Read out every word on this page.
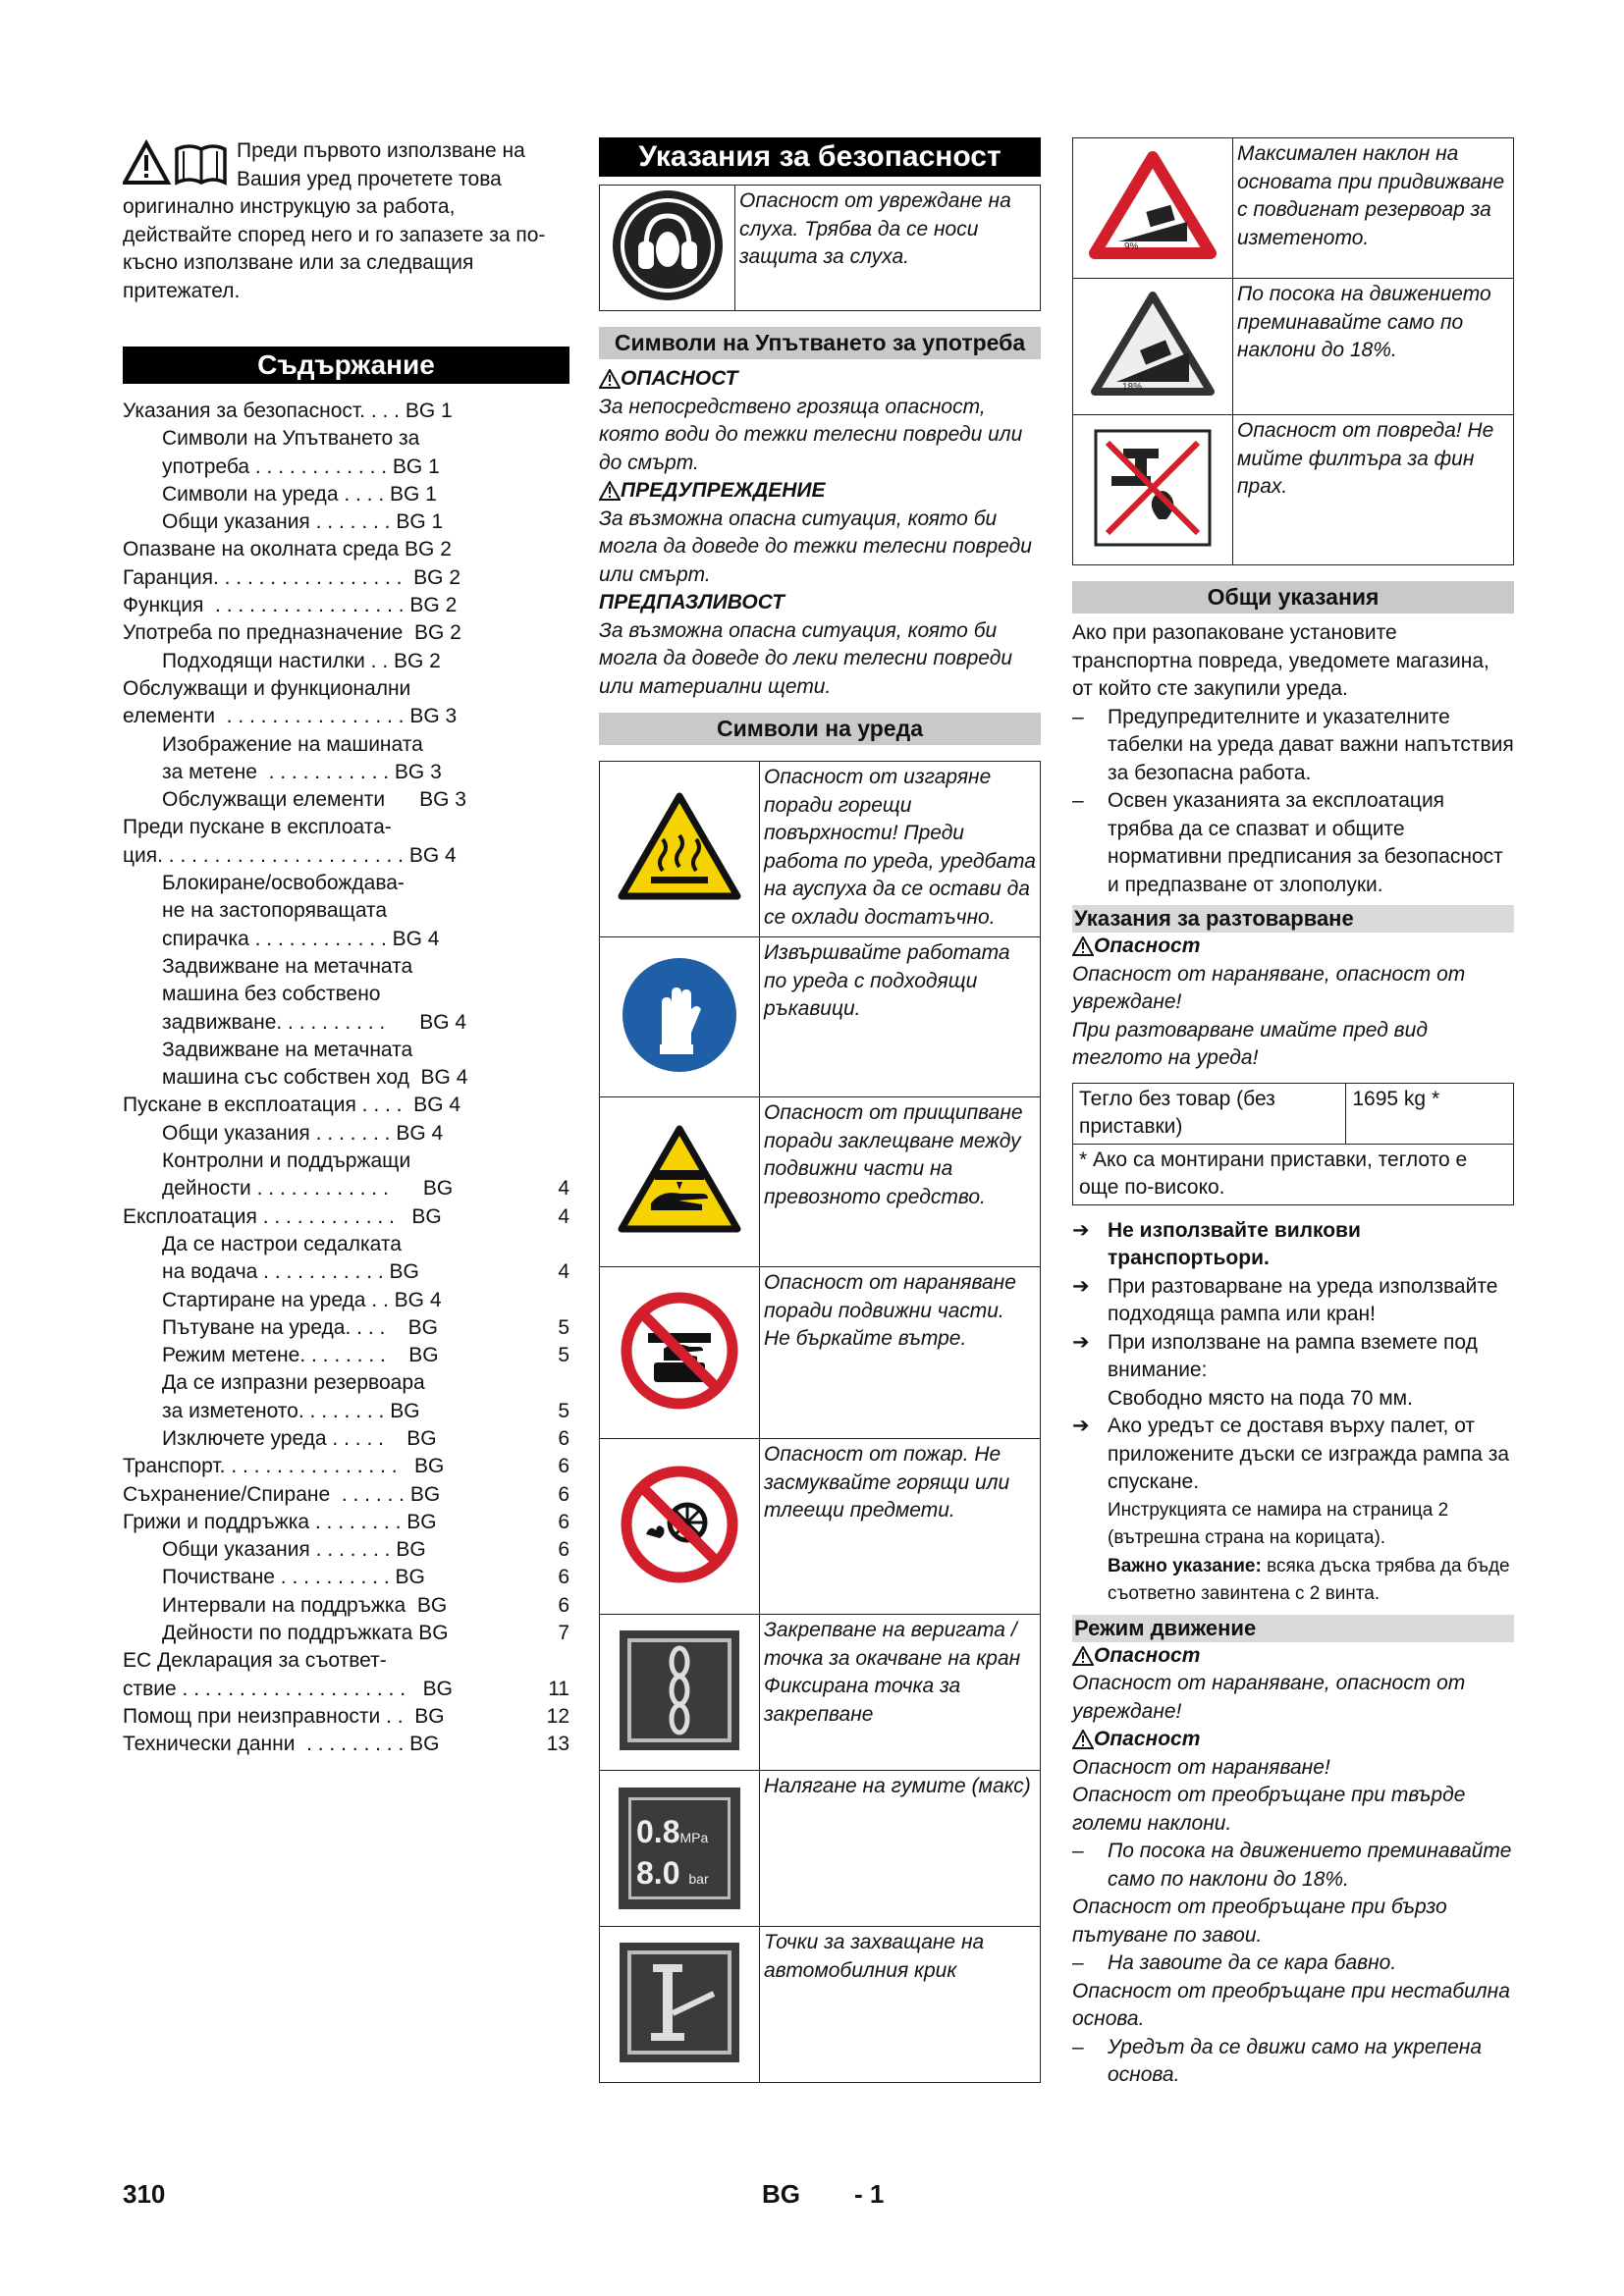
Преди първото използване на

Вашия уред прочетете това

оригинално инструкцую за работа, действайте според него и го запазете за по-късно използване или за следващия притежател.

Съдържание
Указания за безопасност. . . . BG 1
Символи на Упътването за
употреба . . . . . . . . . . . . BG 1
Символи на уреда . . . . BG 1
Общи указания . . . . . . . BG 1
Опазване на околната среда BG 2
Гаранция. . . . . . . . . . . . . . . . .  BG 2
Функция  . . . . . . . . . . . . . . . . . BG 2
Употреба по предназначение  BG 2
Подходящи настилки . . BG 2
Обслужващи и функционални
елементи  . . . . . . . . . . . . . . . . BG 3
Изображение на машината
за метене  . . . . . . . . . . . BG 3
Обслужващи елементи      BG 3
Преди пускане в експлоата-
ция. . . . . . . . . . . . . . . . . . . . . . BG 4
Блокиране/освобождава-
не на застопоряващата
спирачка . . . . . . . . . . . . BG 4
Задвижване на метачната
машина без собствено
задвижване. . . . . . . . . .      BG 4
Задвижване на метачната
машина със собствен ход  BG 4
Пускане в експлоатация . . . .  BG 4
Общи указания . . . . . . . BG 4
Контролни и поддържащи
дейности . . . . . . . . . . . .      BG	4
Експлоатация . . . . . . . . . . . .   BG	4
Да се настрои седалката
на водача . . . . . . . . . . . BG	4
Стартиране на уреда . . BG 4
Пътуване на уреда. . . .    BG	5
Режим метене. . . . . . . .    BG	5
Да се изпразни резервоара
за изметеното. . . . . . . . BG	5
Изключете уреда . . . . .    BG	6
Транспорт. . . . . . . . . . . . . . . .   BG	6
Съхранение/Спиране  . . . . . . BG	6
Грижи и поддръжка . . . . . . . . BG	6
Общи указания . . . . . . . BG	6
Почистване . . . . . . . . . . BG	6
Интервали на поддръжка  BG	6
Дейности по поддръжката BG	7
ЕС Декларация за съответ-
ствие . . . . . . . . . . . . . . . . . . . .   BG	11
Помощ при неизправности . .  BG	12
Технически данни  . . . . . . . . . BG	13
Указания за безопасност
	Опасност от увреждане на слуха. Трябва да се носи защита за слуха.
Символи на Упътването за употреба
ОПАСНОСТ

За непосредствено грозяща опасност, която води до тежки телесни повреди или до смърт.

ПРЕДУПРЕЖДЕНИЕ

За възможна опасна ситуация, която би могла да доведе до тежки телесни повреди или смърт.

ПРЕДПАЗЛИВОСТ

За възможна опасна ситуация, която би могла да доведе до леки телесни повреди или материални щети.

Символи на уреда
	Опасност от изгаряне поради горещи повърхности! Преди работа по уреда, уредбата на ауспуха да се остави да се охлади достатъчно.
	Извършвайте работата по уреда с подходящи ръкавици.
	Опасност от прищипване поради заклещване между подвижни части на превозното средство.
	Опасност от нараняване поради подвижни части. Не бъркайте вътре.
	Опасност от пожар. Не засмуквайте горящи или тлеещи предмети.
	Закрепване на веригата / точка за окачване на кран
Фиксирана точка за закрепване

0.8MPa
8.0 bar	Налягане на гумите (макс)
	Точки за захващане на автомобилния крик
9%	Максимален наклон на основата при придвижване с повдигнат резервоар за изметеното.

18%	По посока на движението преминавайте само по наклони до 18%.
	Опасност от повреда! Не мийте филтъра за фин прах.
Общи указания

Ако при разопаковане установите транспортна повреда, уведомете магазина, от който сте закупили уреда.

–	Предупредителните и указателните табелки на уреда дават важни напътствия за безопасна работа.
–	Освен указанията за експлоатация трябва да се спазват и общите нормативни предписания за безопасност и предпазване от злополуки.
Указания за разтоварване
Опасност

Опасност от нараняване, опасност от увреждане!
При разтоварване имайте пред вид теглото на уреда!

Тегло без товар (без приставки)	1695 kg *
* Ако са монтирани приставки, теглото е още по-високо.
➔ Не използвайте вилкови транспортьори.
➔ При разтоварване на уреда използвайте подходяща рампа или кран!
➔ При използване на рампа вземете под внимание:
Свободно място на пода 70 мм.
➔ Ако уредът се доставя върху палет, от приложените дъски се изгражда рампа за спускане.
Инструкцията се намира на страница 2 (вътрешна страна на корицата).
Важно указание: всяка дъска трябва да бъде съответно завинтена с 2 винта.
Режим движение
Опасност

Опасност от нараняване, опасност от увреждане!

Опасност

Опасност от нараняване!

Опасност от преобръщане при твърде големи наклони.

–	По посока на движението преминавайте само по наклони до 18%.

Опасност от преобръщане при бързо пътуване по завои.

–	На завоите да се кара бавно.

Опасност от преобръщане при нестабилна основа.

–	Уредът да се движи само на укрепена основа.
310	BG - 1
